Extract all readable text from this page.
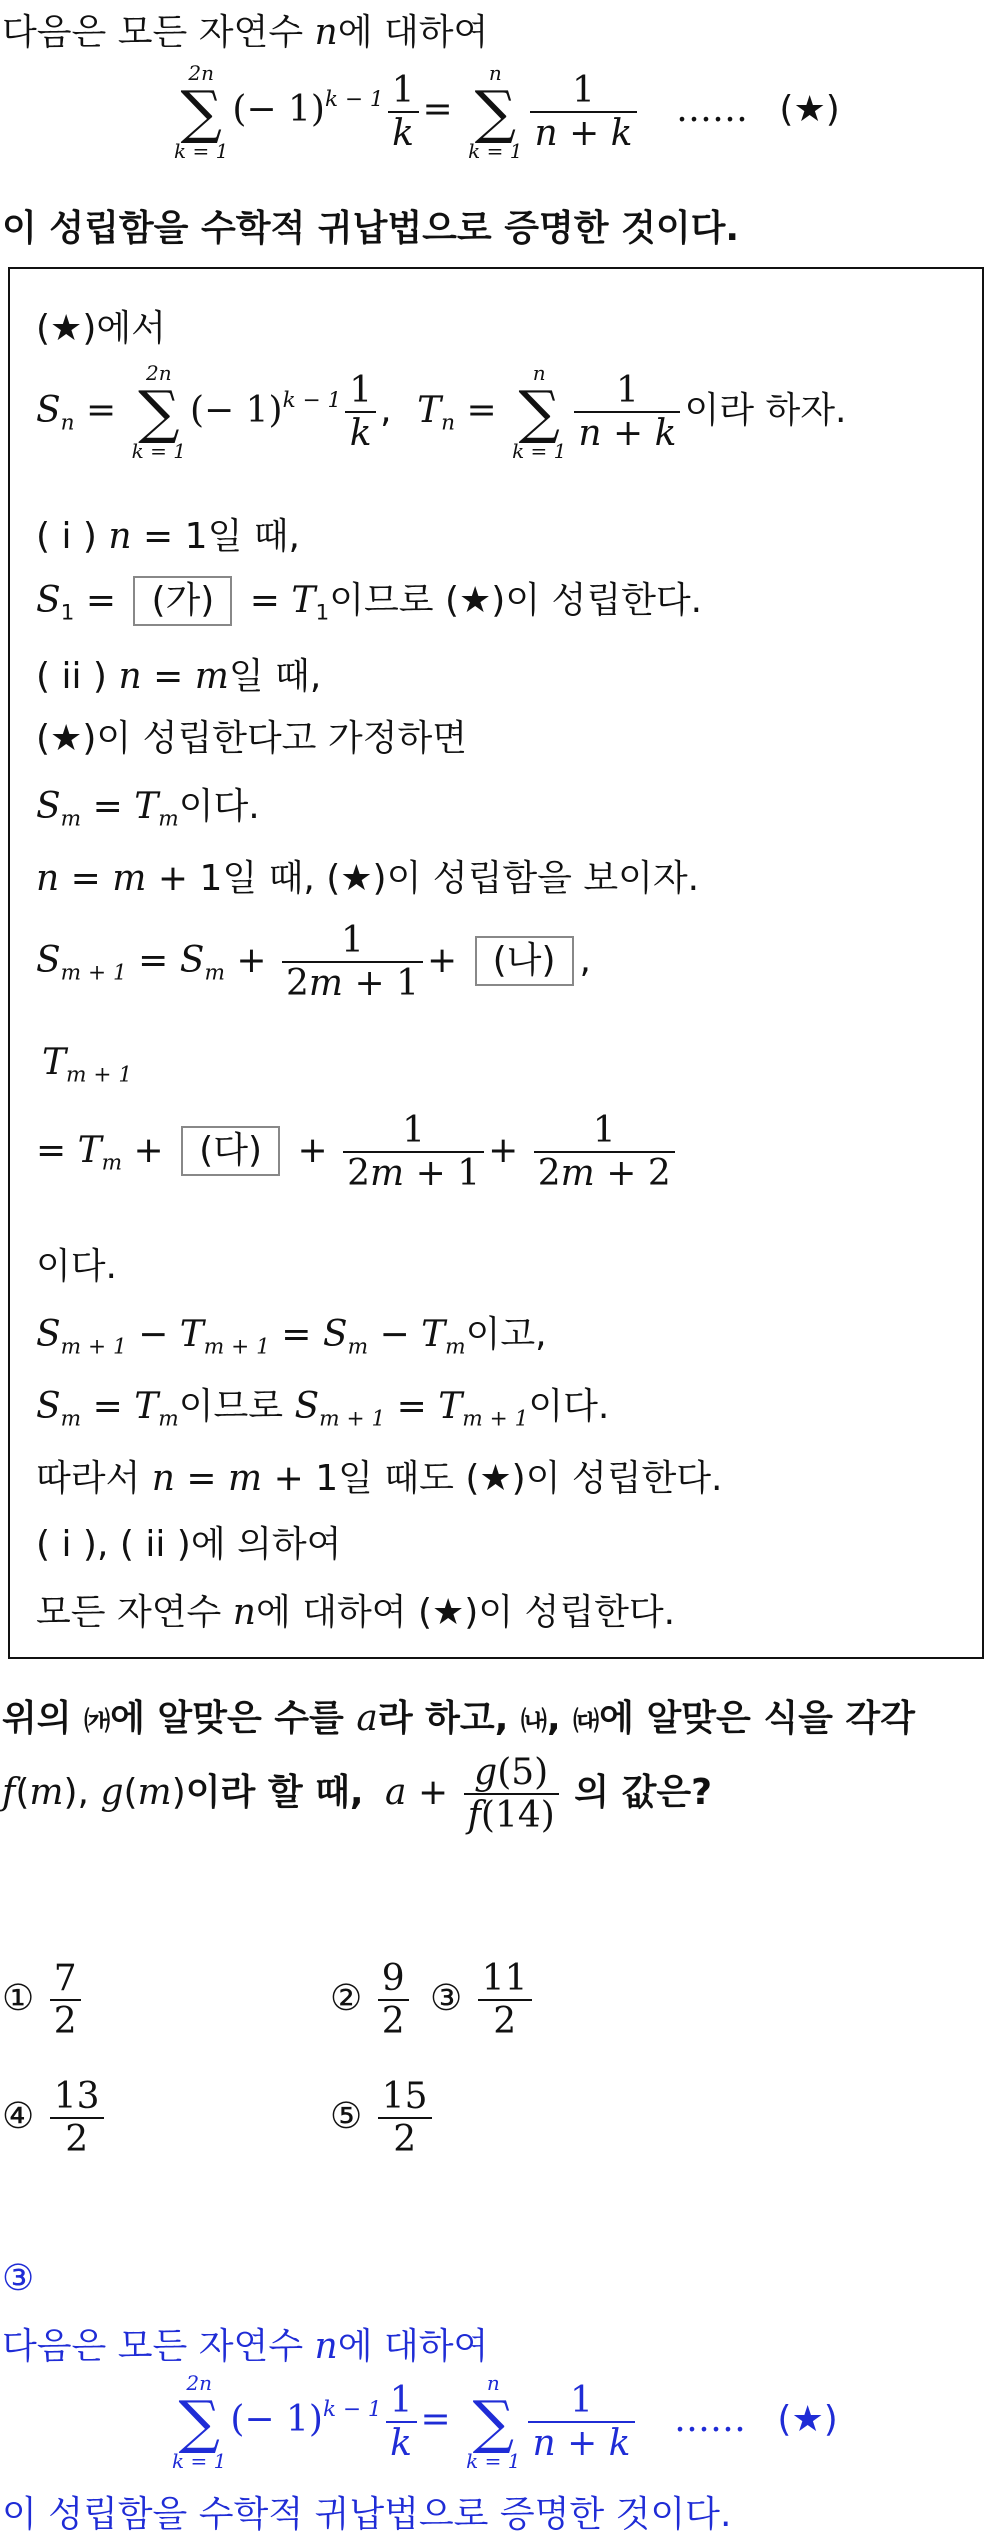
다음은 모든 자연수 n에 대하여
2n
∑
k = 1
(− $1)^{k - 1} \frac{1}{k}$ =
n
∑
$k = 1 \frac{1}{n + k}$ …… (★)
이 성립함을 수학적 귀납법으로 증명한 것이다.
(★)에서
$S_n$ =
2n
∑
k = 1
(− $1)^{k - 1} \frac{1}{k}$ , $T_n$ =
n
∑
$k = 1 \frac{1}{n + k}$ 이라 하자.
( i ) n = 1일 때,
$S_1$ = (가) = $T_1$이므로 (★)이 성립한다.
( ii ) n = m일 때,
(★)이 성립한다고 가정하면
$S_m = T_m$이다.
n = m + 1일 때, (★)이 성립함을 보이자.
$S_{m + 1} = S_m + \frac{1}{2m + 1}$ + (나) ,
$T_{m + 1}$
= $T_m$ + (다) + $\frac{1}{2m + 1} + \frac{1}{2m + 2}$
이다.
$S_{m + 1} - T_{m + 1} = S_m - T_m$이고,
$S_m = T_m$이므로 $S_{m + 1} = T_{m + 1}$이다.
따라서 n = m + 1일 때도 (★)이 성립한다.
( i ), ( ii )에 의하여
모든 자연수 n에 대하여 (★)이 성립한다.
위의 ㈎에 알맞은 수를 a라 하고, ㈏, ㈐에 알맞은 식을 각각
f(m), g(m)이라 할 때, $a + \frac{g(5)}{f(14)}$ 의 값은?
① $\frac{7}{2}$	② $\frac{9}{2}$ ③ $\frac{11}{2}$
④ $\frac{13}{2}$	⑤ $\frac{15}{2}$
③
다음은 모든 자연수 n에 대하여
2n
∑
k = 1
(− $1)^{k - 1} \frac{1}{k}$ =
n
∑
$k = 1 \frac{1}{n + k}$ …… (★)
이 성립함을 수학적 귀납법으로 증명한 것이다.
